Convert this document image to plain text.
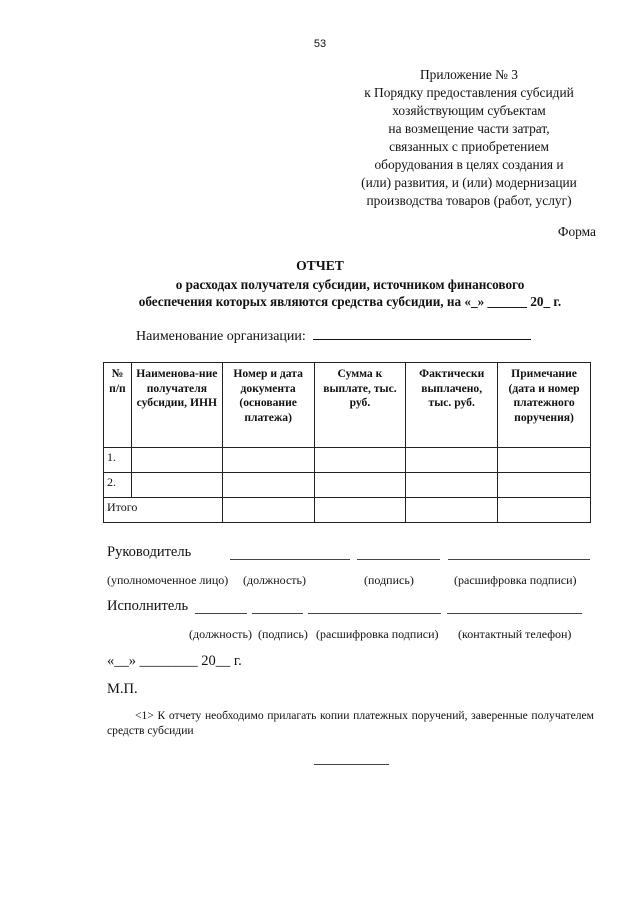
53
Приложение № 3
к Порядку предоставления субсидий
хозяйствующим субъектам
на возмещение части затрат,
связанных с приобретением
оборудования в целях создания и
(или) развития, и (или) модернизации
производства товаров (работ, услуг)
Форма
ОТЧЕТ
о расходах получателя субсидии, источником финансового
обеспечения которых являются средства субсидии, на «_» ______ 20_ г.
Наименование организации:
№ п/п	Наименова-ние получателя субсидии, ИНН	Номер и дата документа (основание платежа)	Сумма к выплате, тыс. руб.	Фактически выплачено, тыс. руб.	Примечание (дата и номер платежного поручения)
1.					
2.					
Итого					
Руководитель
(уполномоченное лицо) (должность)	(подпись)	(расшифровка подписи)
Исполнитель
(должность) (подпись) (расшифровка подписи) (контактный телефон)
«__» ________ 20__ г.
М.П.
<1> К отчету необходимо прилагать копии платежных поручений, заверенные получателем средств субсидии
